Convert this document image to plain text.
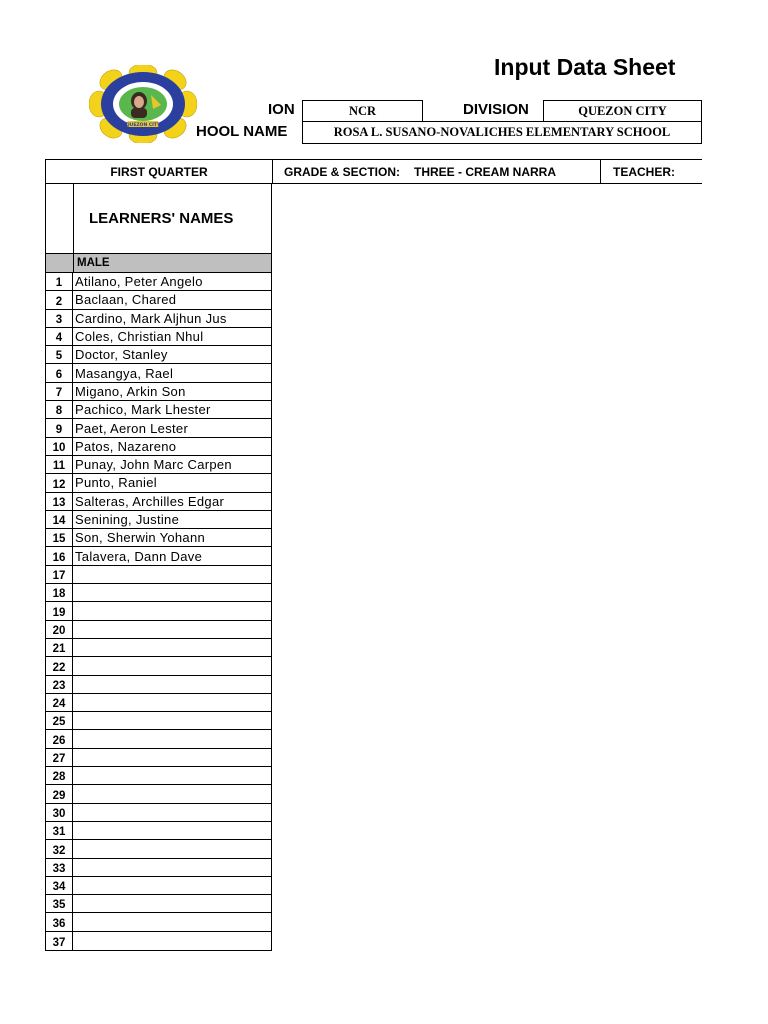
Input Data Sheet
QUEZON CITY
ION
HOOL NAME
DIVISION
NCR	QUEZON CITY
ROSA L. SUSANO-NOVALICHES ELEMENTARY SCHOOL
FIRST QUARTER	GRADE & SECTION: THREE - CREAM NARRA	TEACHER:
LEARNERS' NAMES
MALE
1 Atilano, Peter Angelo
2 Baclaan, Chared
3 Cardino, Mark Aljhun Jus
4 Coles, Christian Nhul
5 Doctor, Stanley
6 Masangya, Rael
7 Migano, Arkin Son
8 Pachico, Mark Lhester
9 Paet, Aeron Lester
10 Patos, Nazareno
11 Punay, John Marc Carpen
12 Punto, Raniel
13 Salteras, Archilles Edgar
14 Senining, Justine
15 Son, Sherwin Yohann
16 Talavera, Dann Dave
17
18
19
20
21
22
23
24
25
26
27
28
29
30
31
32
33
34
35
36
37
